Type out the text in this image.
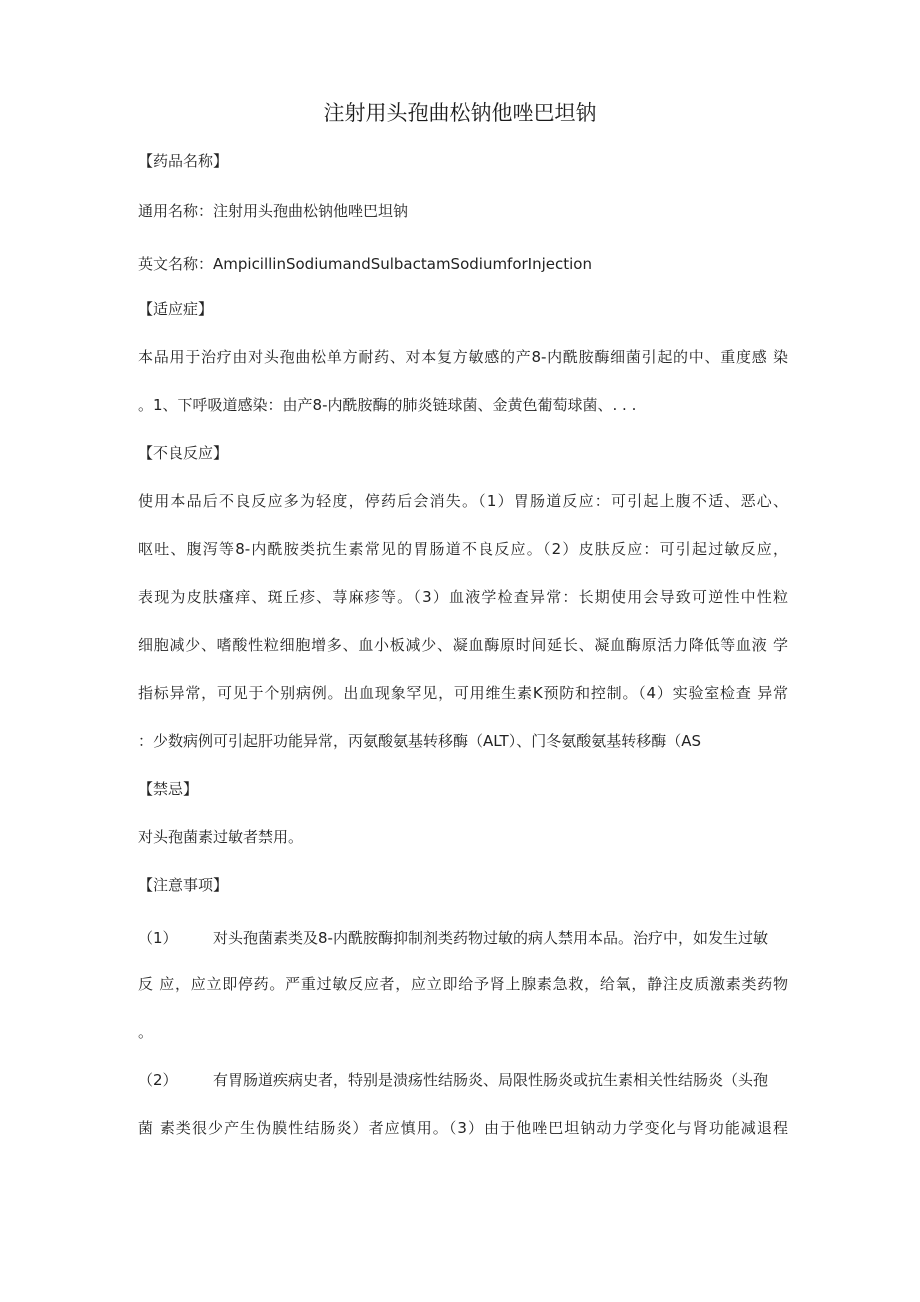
注射用头孢曲松钠他唑巴坦钠
【药品名称】
通用名称：注射用头孢曲松钠他唑巴坦钠
英文名称：AmpicillinSodiumandSulbactamSodiumforInjection
【适应症】
本品用于治疗由对头孢曲松单方耐药、对本复方敏感的产8-内酰胺酶细菌引起的中、重度感 染
。1、下呼吸道感染：由产8-内酰胺酶的肺炎链球菌、金黄色葡萄球菌、. . .
【不良反应】
使用本品后不良反应多为轻度，停药后会消失。（1）胃肠道反应：可引起上腹不适、恶心、
呕吐、腹泻等8-内酰胺类抗生素常见的胃肠道不良反应。（2）皮肤反应：可引起过敏反应，
表现为皮肤瘙痒、斑丘疹、荨麻疹等。（3）血液学检查异常：长期使用会导致可逆性中性粒
细胞减少、嗜酸性粒细胞增多、血小板减少、凝血酶原时间延长、凝血酶原活力降低等血液 学
指标异常，可见于个别病例。出血现象罕见，可用维生素K预防和控制。（4）实验室检查 异常
：少数病例可引起肝功能异常，丙氨酸氨基转移酶（ALT）、门冬氨酸氨基转移酶（AS
【禁忌】
对头孢菌素过敏者禁用。
【注意事项】
（1） 对头孢菌素类及8-内酰胺酶抑制剂类药物过敏的病人禁用本品。治疗中，如发生过敏
反 应，应立即停药。严重过敏反应者，应立即给予肾上腺素急救，给氧，静注皮质激素类药物
。
（2） 有胃肠道疾病史者，特别是溃疡性结肠炎、局限性肠炎或抗生素相关性结肠炎（头孢
菌 素类很少产生伪膜性结肠炎）者应慎用。（3）由于他唑巴坦钠动力学变化与肾功能减退程
